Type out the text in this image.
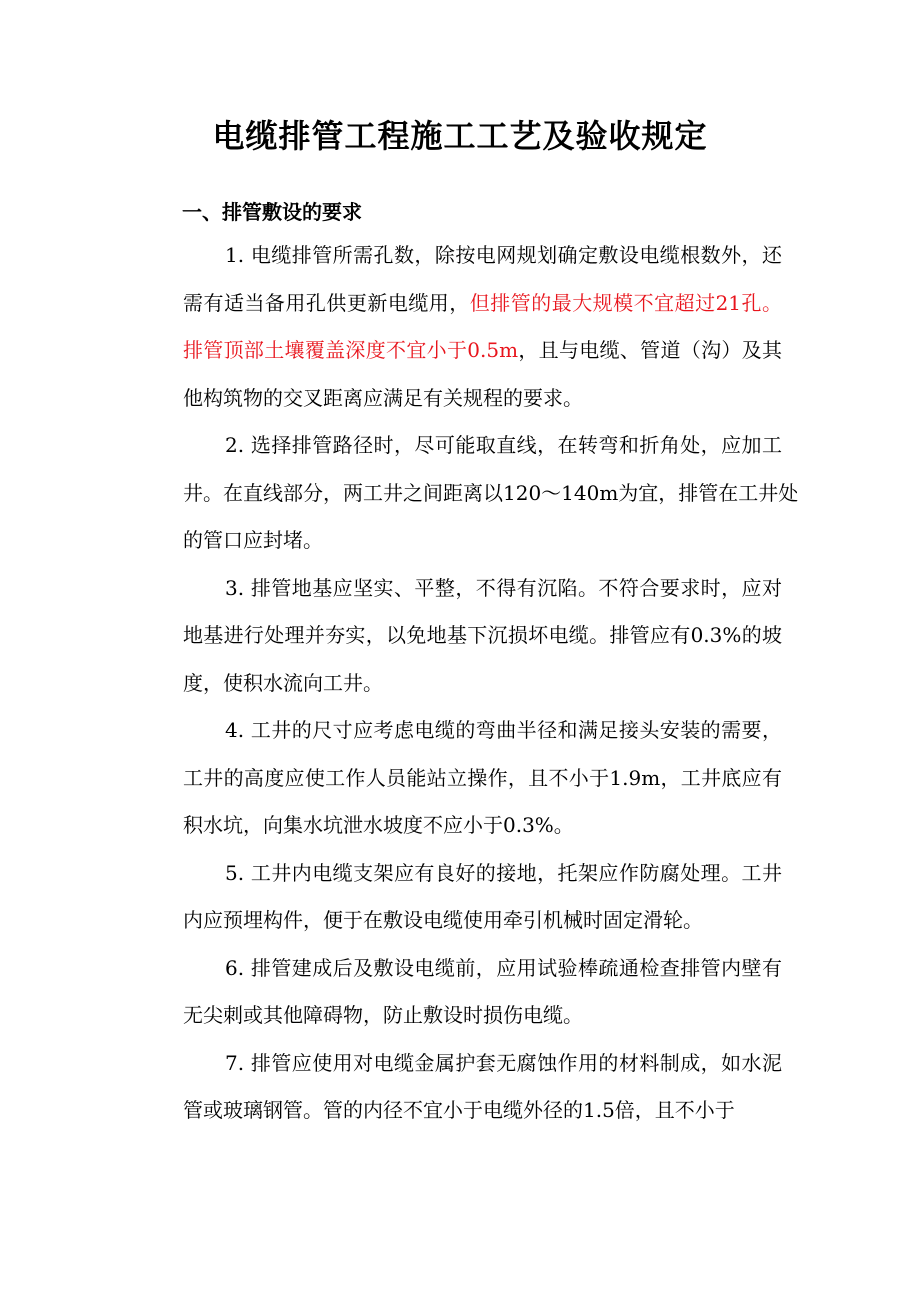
电缆排管工程施工工艺及验收规定
一、排管敷设的要求
1. 电缆排管所需孔数，除按电网规划确定敷设电缆根数外，还
需有适当备用孔供更新电缆用，但排管的最大规模不宜超过21孔。
排管顶部土壤覆盖深度不宜小于0.5m，且与电缆、管道（沟）及其
他构筑物的交叉距离应满足有关规程的要求。
2. 选择排管路径时，尽可能取直线，在转弯和折角处，应加工
井。在直线部分，两工井之间距离以120～140m为宜，排管在工井处
的管口应封堵。
3. 排管地基应坚实、平整，不得有沉陷。不符合要求时，应对
地基进行处理并夯实，以免地基下沉损坏电缆。排管应有0.3%的坡
度，使积水流向工井。
4. 工井的尺寸应考虑电缆的弯曲半径和满足接头安装的需要，
工井的高度应使工作人员能站立操作，且不小于1.9m，工井底应有
积水坑，向集水坑泄水坡度不应小于0.3%。
5. 工井内电缆支架应有良好的接地，托架应作防腐处理。工井
内应预埋构件，便于在敷设电缆使用牵引机械时固定滑轮。
6. 排管建成后及敷设电缆前，应用试验棒疏通检查排管内壁有
无尖刺或其他障碍物，防止敷设时损伤电缆。
7. 排管应使用对电缆金属护套无腐蚀作用的材料制成，如水泥
管或玻璃钢管。管的内径不宜小于电缆外径的1.5倍，且不小于
